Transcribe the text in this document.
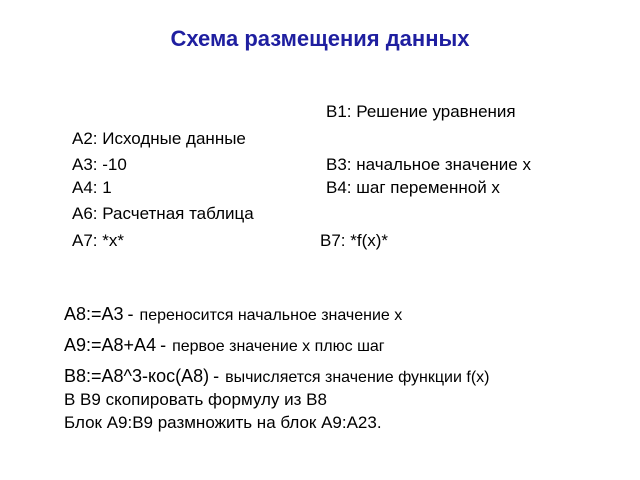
Схема размещения данных
B1: Решение уравнения
B3: начальное значение x
B4: шаг переменной x
B7: *f(x)*
A2: Исходные данные
A3: -10
A4: 1
A6: Расчетная таблица
A7: *x*
A8:=A3 - переносится начальное значение x
A9:=A8+A4 - первое значение x плюс шаг
B8:=A8^3-кос(A8) - вычисляется значение функции f(x)
В B9 скопировать формулу из B8
Блок A9:B9 размножить на блок A9:A23.
